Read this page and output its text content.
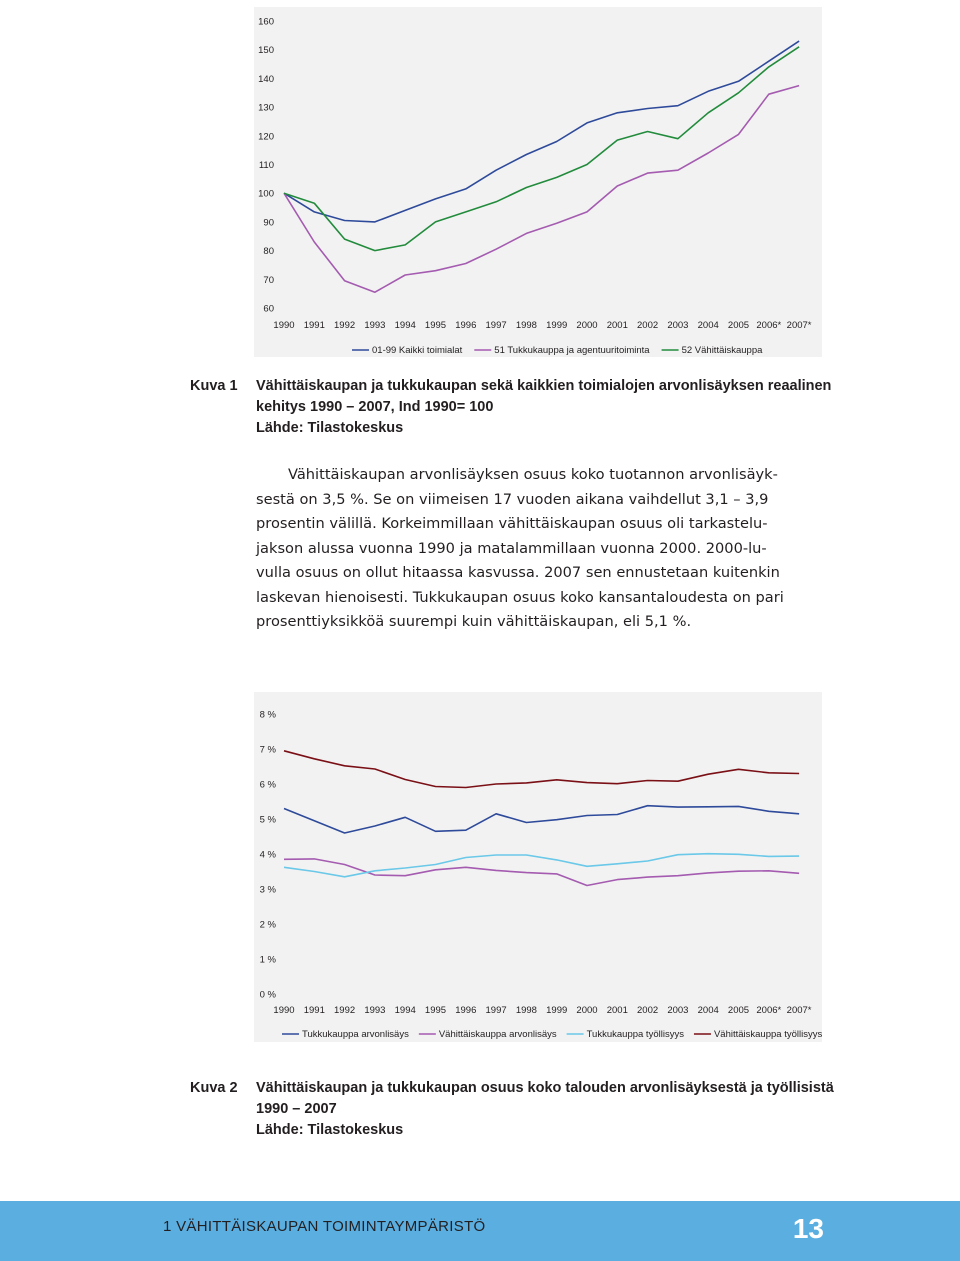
60
70
80
90
100
110
120
130
140
150
160
1990 1991 1992 1993 1994 1995 1996 1997 1998 1999 2000 2001 2002 2003 2004 2005 2006* 2007*
01-99 Kaikki toimialat	51 Tukkukauppa ja agentuuritoiminta	52 Vähittäiskauppa
Kuva 1	Vähittäiskaupan ja tukkukaupan sekä kaikkien toimialojen arvonlisäyksen reaalinen
kehitys 1990 – 2007, Ind 1990= 100
Lähde: Tilastokeskus
Vähittäiskaupan arvonlisäyksen osuus koko tuotannon arvonlisäyk-
sestä on 3,5 %. Se on viimeisen 17 vuoden aikana vaihdellut 3,1 – 3,9
prosentin välillä. Korkeimmillaan vähittäiskaupan osuus oli tarkastelu-
jakson alussa vuonna 1990 ja matalammillaan vuonna 2000. 2000-lu-
vulla osuus on ollut hitaassa kasvussa. 2007 sen ennustetaan kuitenkin
laskevan hienoisesti. Tukkukaupan osuus koko kansantaloudesta on pari
prosenttiyksikköä suurempi kuin vähittäiskaupan, eli 5,1 %.
0 %
1 %
2 %
3 %
4 %
5 %
6 %
7 %
8 %
1990 1991 1992 1993 1994 1995 1996 1997 1998 1999 2000 2001 2002 2003 2004 2005 2006* 2007*
Tukkukauppa arvonlisäys	Vähittäiskauppa arvonlisäys	Tukkukauppa työllisyys	Vähittäiskauppa työllisyys
Kuva 2	Vähittäiskaupan ja tukkukaupan osuus koko talouden arvonlisäyksestä ja työllisistä
1990 – 2007
Lähde: Tilastokeskus
1 VÄHITTÄISKAUPAN TOIMINTAYMPÄRISTÖ	13
